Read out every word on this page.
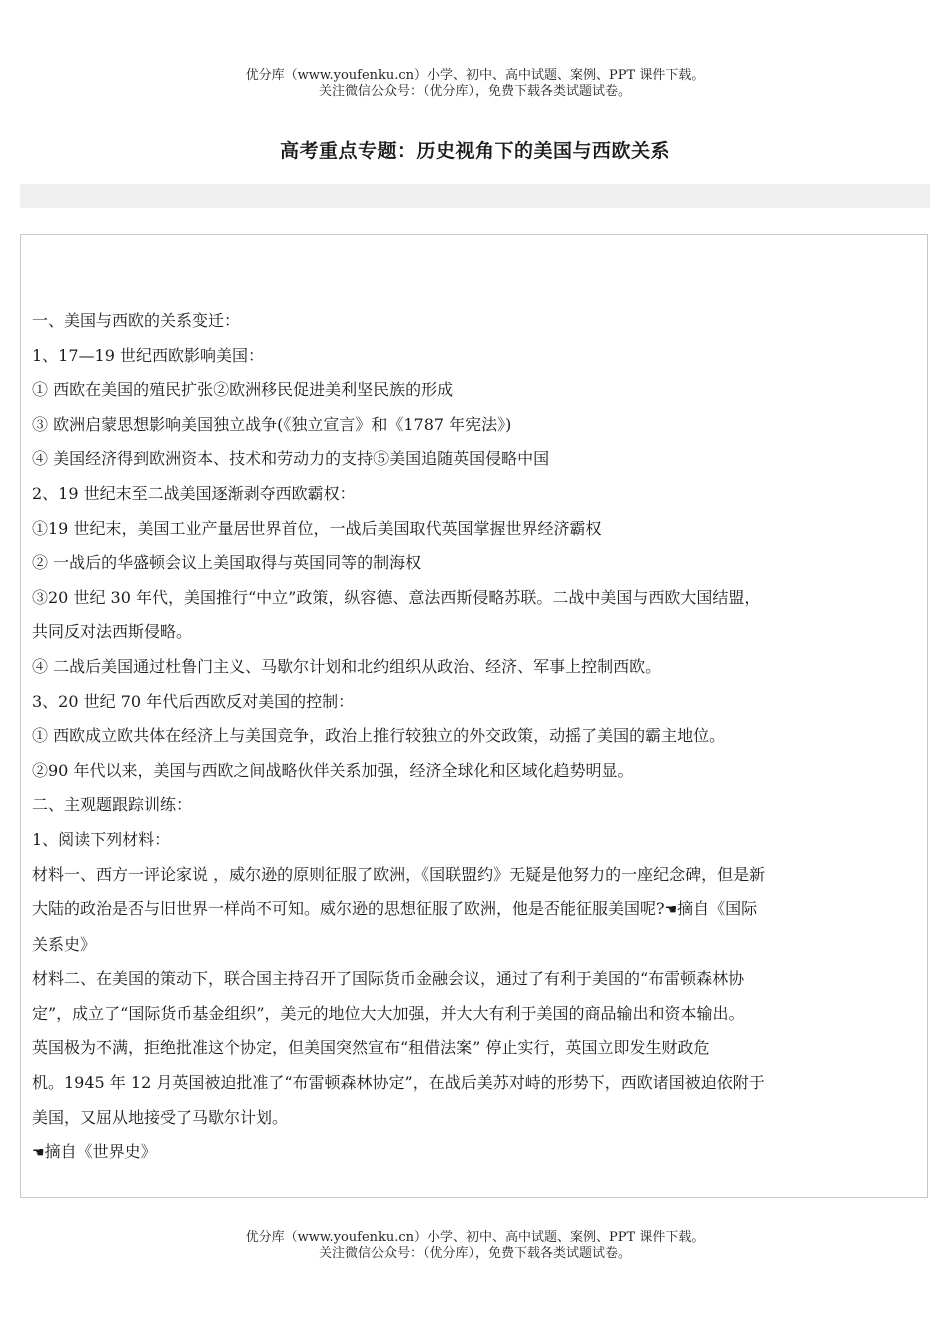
优分库（www.youfenku.cn）小学、初中、高中试题、案例、PPT 课件下载。
关注微信公众号：（优分库），免费下载各类试题试卷。
高考重点专题：历史视角下的美国与西欧关系

一、美国与西欧的关系变迁：

1、17—19 世纪西欧影响美国：

① 西欧在美国的殖民扩张②欧洲移民促进美利坚民族的形成

③ 欧洲启蒙思想影响美国独立战争(《独立宣言》和《1787 年宪法》)

④ 美国经济得到欧洲资本、技术和劳动力的支持⑤美国追随英国侵略中国

2、19 世纪末至二战美国逐渐剥夺西欧霸权：

①19 世纪末，美国工业产量居世界首位，一战后美国取代英国掌握世界经济霸权

② 一战后的华盛顿会议上美国取得与英国同等的制海权

③20 世纪 30 年代，美国推行“中立”政策，纵容德、意法西斯侵略苏联。二战中美国与西欧大国结盟，

共同反对法西斯侵略。

④ 二战后美国通过杜鲁门主义、马歇尔计划和北约组织从政治、经济、军事上控制西欧。

3、20 世纪 70 年代后西欧反对美国的控制：

① 西欧成立欧共体在经济上与美国竞争，政治上推行较独立的外交政策，动摇了美国的霸主地位。

②90 年代以来，美国与西欧之间战略伙伴关系加强，经济全球化和区域化趋势明显。

二、主观题跟踪训练：

1、阅读下列材料：

材料一、西方一评论家说 ，威尔逊的原则征服了欧洲，《国联盟约》无疑是他努力的一座纪念碑，但是新

大陆的政治是否与旧世界一样尚不可知。威尔逊的思想征服了欧洲，他是否能征服美国呢?☚摘自《国际

关系史》

材料二、在美国的策动下，联合国主持召开了国际货币金融会议，通过了有利于美国的“布雷顿森林协

定”，成立了“国际货币基金组织”，美元的地位大大加强，并大大有利于美国的商品输出和资本输出。

英国极为不满，拒绝批准这个协定，但美国突然宣布“租借法案” 停止实行，英国立即发生财政危

机。1945 年 12 月英国被迫批准了“布雷顿森林协定”，在战后美苏对峙的形势下，西欧诸国被迫依附于

美国，又屈从地接受了马歇尔计划。

☚摘自《世界史》

优分库（www.youfenku.cn）小学、初中、高中试题、案例、PPT 课件下载。
关注微信公众号：（优分库），免费下载各类试题试卷。
